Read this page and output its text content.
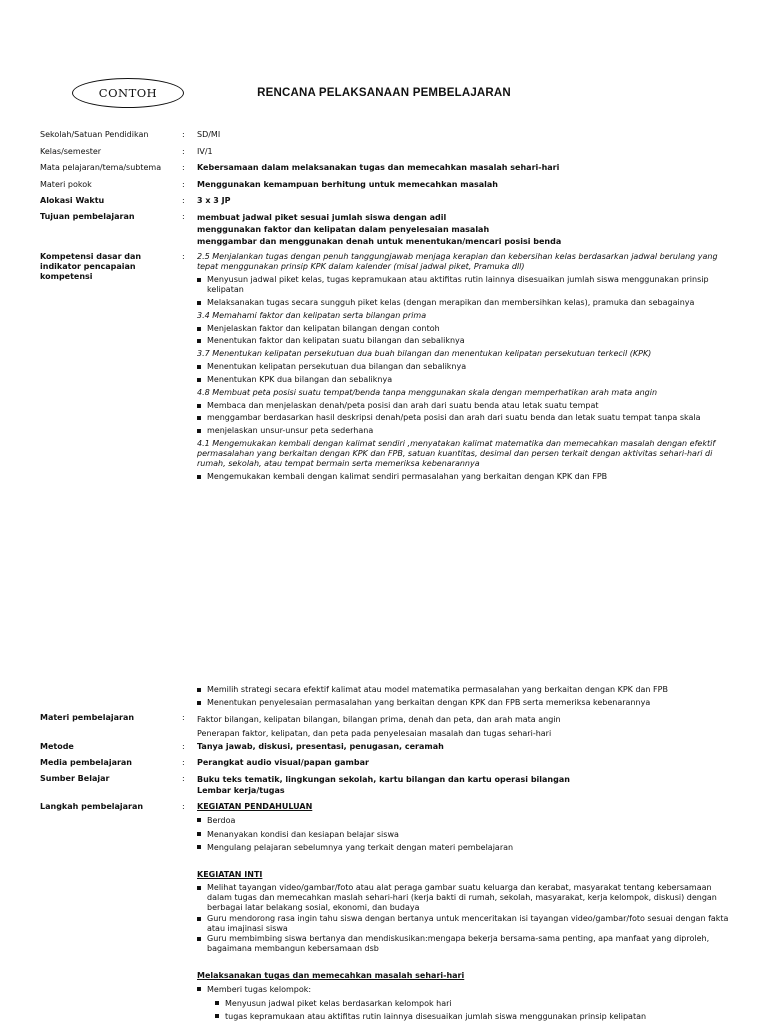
CONTOH	RENCANA PELAKSANAAN PEMBELAJARAN
Sekolah/Satuan Pendidikan	: SD/MI
Kelas/semester	: IV/1
Mata pelajaran/tema/subtema	: Kebersamaan dalam melaksanakan tugas dan memecahkan masalah sehari-hari
Materi pokok	: Menggunakan kemampuan berhitung untuk memecahkan masalah
Alokasi Waktu	: 3 x 3 JP
Tujuan pembelajaran	: membuat jadwal piket sesuai jumlah siswa dengan adil
menggunakan faktor dan kelipatan dalam penyelesaian masalah
menggambar dan menggunakan denah untuk menentukan/mencari posisi benda
Kompetensi dasar dan indikator pencapaian kompetensi
: 2.5 Menjalankan tugas dengan penuh tanggungjawab menjaga kerapian dan kebersihan kelas berdasarkan jadwal berulang yang tepat menggunakan prinsip KPK dalam kalender (misal jadwal piket, Pramuka dll)
Menyusun jadwal piket kelas, tugas kepramukaan atau aktifitas rutin lainnya disesuaikan jumlah siswa menggunakan prinsip kelipatan
Melaksanakan tugas secara sungguh piket kelas (dengan merapikan dan membersihkan kelas), pramuka dan sebagainya
3.4 Memahami faktor dan kelipatan serta bilangan prima
Menjelaskan faktor dan kelipatan bilangan dengan contoh
Menentukan faktor dan kelipatan suatu bilangan dan sebaliknya
3.7 Menentukan kelipatan persekutuan dua buah bilangan dan menentukan kelipatan persekutuan terkecil (KPK)
Menentukan kelipatan persekutuan dua bilangan dan sebaliknya
Menentukan KPK dua bilangan dan sebaliknya
4.8 Membuat peta posisi suatu tempat/benda tanpa menggunakan skala dengan memperhatikan arah mata angin
Membaca dan menjelaskan denah/peta posisi dan arah dari suatu benda atau letak suatu tempat
menggambar berdasarkan hasil deskripsi denah/peta posisi dan arah dari suatu benda dan letak suatu tempat tanpa skala
menjelaskan unsur-unsur peta sederhana
4.1 Mengemukakan kembali dengan kalimat sendiri ,menyatakan kalimat matematika dan memecahkan masalah dengan efektif permasalahan yang berkaitan dengan KPK dan FPB, satuan kuantitas, desimal dan persen terkait dengan aktivitas sehari-hari di rumah, sekolah, atau tempat bermain serta memeriksa kebenarannya
Mengemukakan kembali dengan kalimat sendiri permasalahan yang berkaitan dengan KPK dan FPB
Memilih strategi secara efektif kalimat atau model matematika permasalahan yang berkaitan dengan KPK dan FPB
Menentukan penyelesaian permasalahan yang berkaitan dengan KPK dan FPB serta memeriksa kebenarannya
Materi pembelajaran	: Faktor bilangan, kelipatan bilangan, bilangan prima, denah dan peta, dan arah mata angin
Penerapan faktor, kelipatan, dan peta pada penyelesaian masalah dan tugas sehari-hari
Metode	: Tanya jawab, diskusi, presentasi, penugasan, ceramah
Media pembelajaran	: Perangkat audio visual/papan gambar
Sumber Belajar	: Buku teks tematik, lingkungan sekolah, kartu bilangan dan kartu operasi bilangan
Lembar kerja/tugas
Langkah pembelajaran	: KEGIATAN PENDAHULUAN
Berdoa
Menanyakan kondisi dan kesiapan belajar siswa
Mengulang pelajaran sebelumnya yang terkait dengan materi pembelajaran
KEGIATAN INTI
Melihat tayangan video/gambar/foto atau alat peraga gambar suatu keluarga dan kerabat, masyarakat tentang kebersamaan dalam tugas dan memecahkan maslah sehari-hari (kerja bakti di rumah, sekolah, masyarakat, kerja kelompok, diskusi) dengan berbagai latar belakang sosial, ekonomi, dan budaya
Guru mendorong rasa ingin tahu siswa dengan bertanya untuk menceritakan isi tayangan video/gambar/foto sesuai dengan fakta atau imajinasi siswa
Guru membimbing siswa bertanya dan mendiskusikan:mengapa bekerja bersama-sama penting, apa manfaat yang diproleh, bagaimana membangun kebersamaan dsb
Melaksanakan tugas dan memecahkan masalah sehari-hari
Memberi tugas kelompok:
Menyusun jadwal piket kelas berdasarkan kelompok hari
tugas kepramukaan atau aktifitas rutin lainnya disesuaikan jumlah siswa menggunakan prinsip kelipatan
